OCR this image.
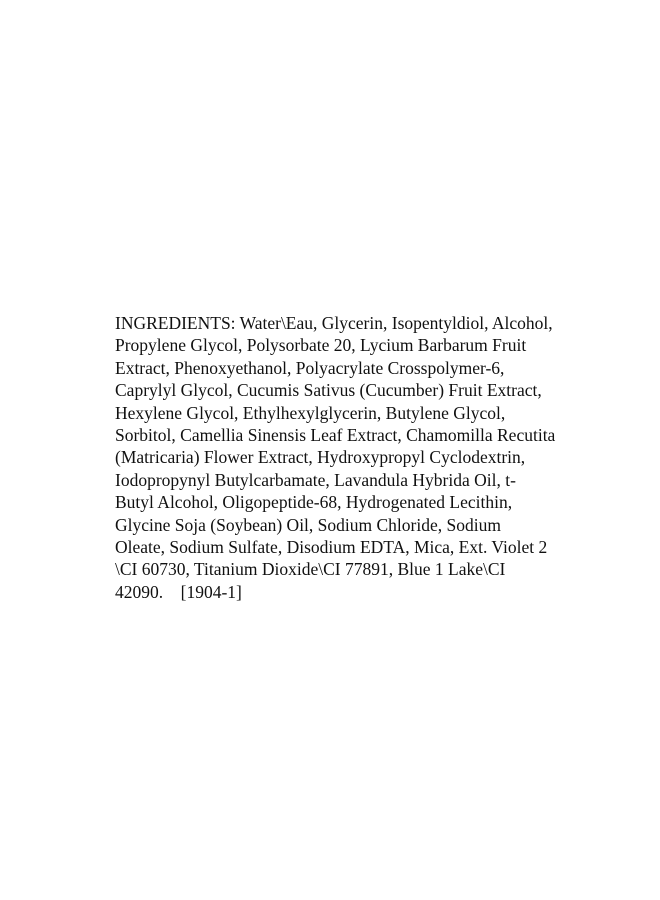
INGREDIENTS: Water\Eau, Glycerin, Isopentyldiol, Alcohol,
Propylene Glycol, Polysorbate 20, Lycium Barbarum Fruit
Extract, Phenoxyethanol, Polyacrylate Crosspolymer-6,
Caprylyl Glycol, Cucumis Sativus (Cucumber) Fruit Extract,
Hexylene Glycol, Ethylhexylglycerin, Butylene Glycol,
Sorbitol, Camellia Sinensis Leaf Extract, Chamomilla Recutita
(Matricaria) Flower Extract, Hydroxypropyl Cyclodextrin,
Iodopropynyl Butylcarbamate, Lavandula Hybrida Oil, t-
Butyl Alcohol, Oligopeptide-68, Hydrogenated Lecithin,
Glycine Soja (Soybean) Oil, Sodium Chloride, Sodium
Oleate, Sodium Sulfate, Disodium EDTA, Mica, Ext. Violet 2
\CI 60730, Titanium Dioxide\CI 77891, Blue 1 Lake\CI
42090.    [1904-1]
